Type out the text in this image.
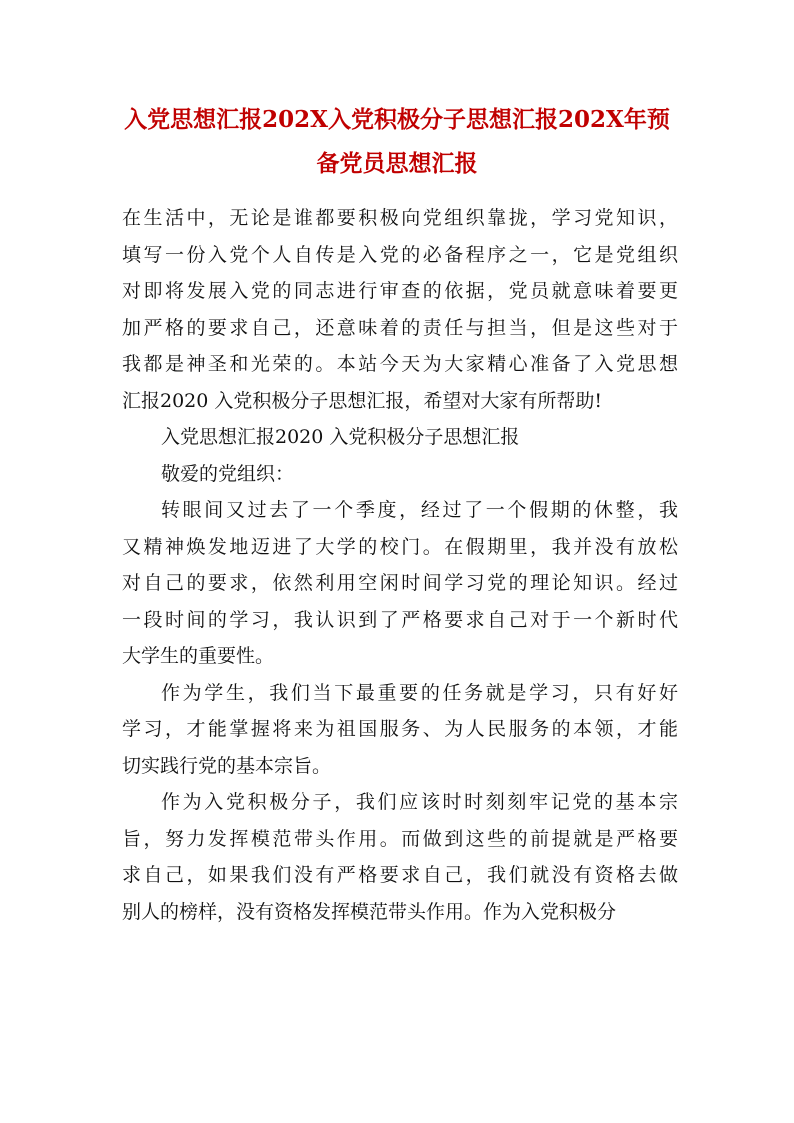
入党思想汇报202X入党积极分子思想汇报202X年预
备党员思想汇报
在生活中，无论是谁都要积极向党组织靠拢，学习党知识，
填写一份入党个人自传是入党的必备程序之一，它是党组织
对即将发展入党的同志进行审查的依据，党员就意味着要更
加严格的要求自己，还意味着的责任与担当，但是这些对于
我都是神圣和光荣的。本站今天为大家精心准备了入党思想
汇报2020 入党积极分子思想汇报，希望对大家有所帮助!
入党思想汇报2020 入党积极分子思想汇报
敬爱的党组织：
转眼间又过去了一个季度，经过了一个假期的休整，我
又精神焕发地迈进了大学的校门。在假期里，我并没有放松
对自己的要求，依然利用空闲时间学习党的理论知识。经过
一段时间的学习，我认识到了严格要求自己对于一个新时代
大学生的重要性。
作为学生，我们当下最重要的任务就是学习，只有好好
学习，才能掌握将来为祖国服务、为人民服务的本领，才能
切实践行党的基本宗旨。
作为入党积极分子，我们应该时时刻刻牢记党的基本宗
旨，努力发挥模范带头作用。而做到这些的前提就是严格要
求自己，如果我们没有严格要求自己，我们就没有资格去做
别人的榜样，没有资格发挥模范带头作用。作为入党积极分
